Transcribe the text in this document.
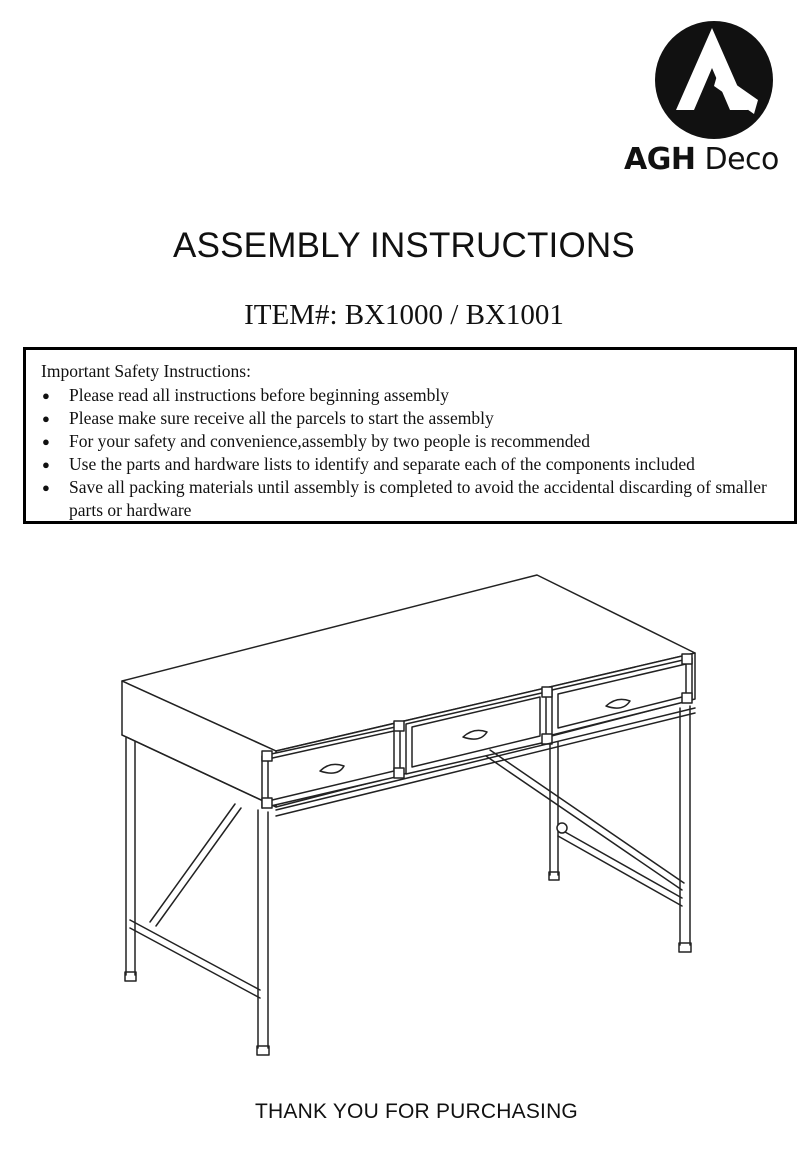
AGH Deco
ASSEMBLY INSTRUCTIONS
ITEM#: BX1000 / BX1001
Important Safety Instructions:
● Please read all instructions before beginning assembly
● Please make sure receive all the parcels to start the assembly
● For your safety and convenience,assembly by two people is recommended
● Use the parts and hardware lists to identify and separate each of the components included
● Save all packing materials until assembly is completed to avoid the accidental discarding of smaller parts or hardware
THANK YOU FOR PURCHASING
